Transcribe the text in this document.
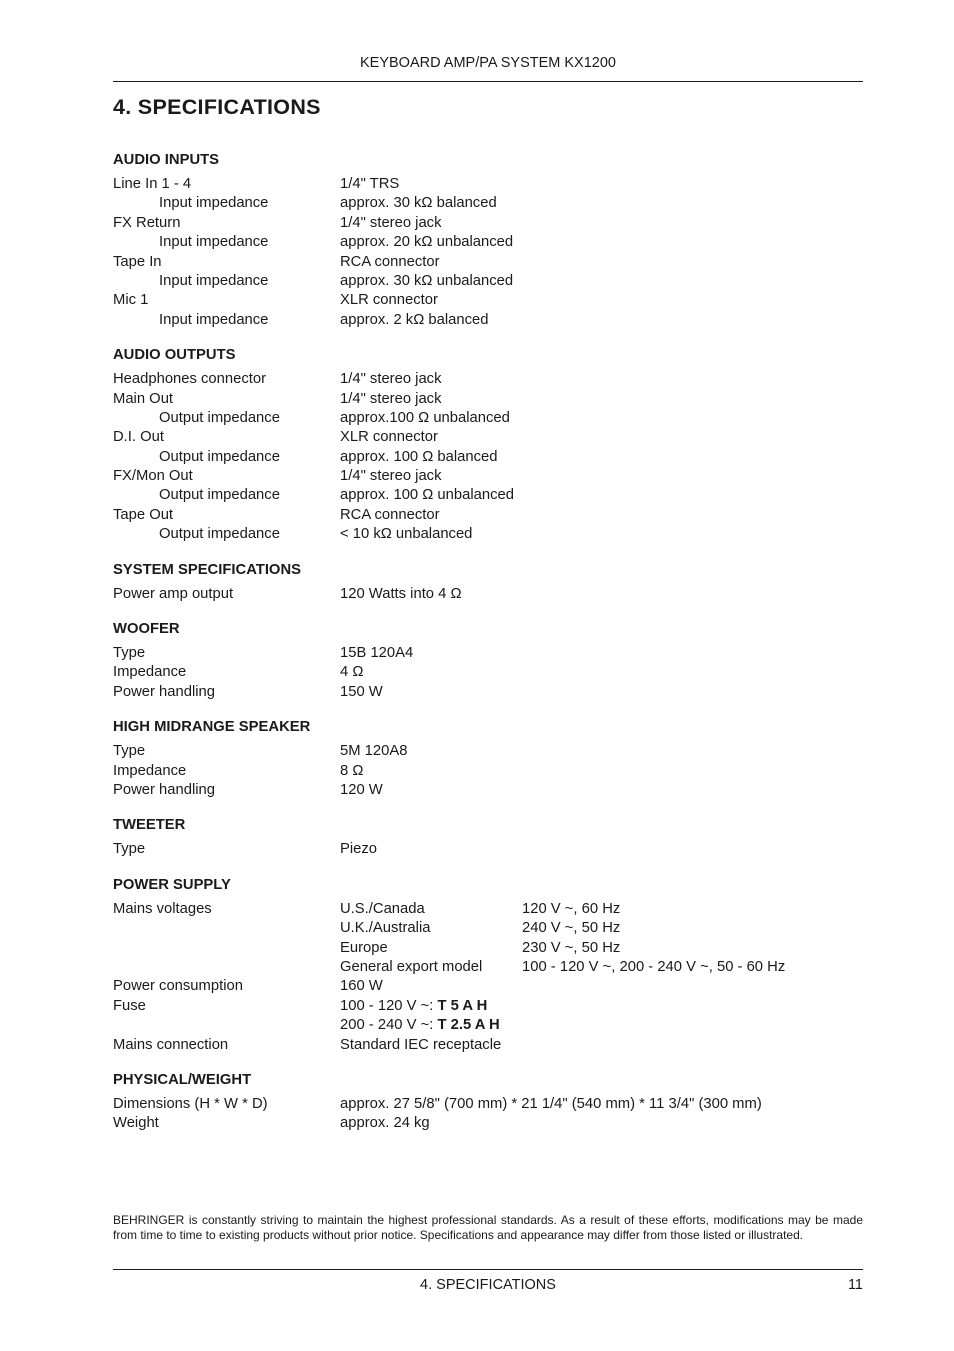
KEYBOARD AMP/PA SYSTEM KX1200
4. SPECIFICATIONS
AUDIO INPUTS
Line In 1 - 4	1/4" TRS
Input impedance	approx. 30 kΩ balanced
FX Return	1/4" stereo jack
Input impedance	approx. 20 kΩ unbalanced
Tape In	RCA connector
Input impedance	approx. 30 kΩ unbalanced
Mic 1	XLR connector
Input impedance	approx. 2 kΩ balanced
AUDIO OUTPUTS
Headphones connector	1/4" stereo jack
Main Out	1/4" stereo jack
Output impedance	approx.100 Ω unbalanced
D.I. Out	XLR connector
Output impedance	approx. 100 Ω balanced
FX/Mon Out	1/4" stereo jack
Output impedance	approx. 100 Ω unbalanced
Tape Out	RCA connector
Output impedance	< 10 kΩ unbalanced
SYSTEM SPECIFICATIONS
Power amp output	120 Watts into 4 Ω
WOOFER
Type	15B 120A4
Impedance	4 Ω
Power handling	150 W
HIGH MIDRANGE SPEAKER
Type	5M 120A8
Impedance	8 Ω
Power handling	120 W
TWEETER
Type	Piezo
POWER SUPPLY
Mains voltages	U.S./Canada	120 V ~, 60 Hz
U.K./Australia	240 V ~, 50 Hz
Europe	230 V ~, 50 Hz
General export model	100 - 120 V ~, 200 - 240 V ~, 50 - 60 Hz
Power consumption	160 W
Fuse	100 - 120 V ~: T 5 A H
200 - 240 V ~: T 2.5 A H
Mains connection	Standard IEC receptacle
PHYSICAL/WEIGHT
Dimensions (H * W * D)	approx. 27 5/8" (700 mm) * 21 1/4" (540 mm) * 11 3/4" (300 mm)
Weight	approx. 24 kg
BEHRINGER is constantly striving to maintain the highest professional standards. As a result of these efforts, modifications may be made from time to time to existing products without prior notice. Specifications and appearance may differ from those listed or illustrated.
4. SPECIFICATIONS	11
